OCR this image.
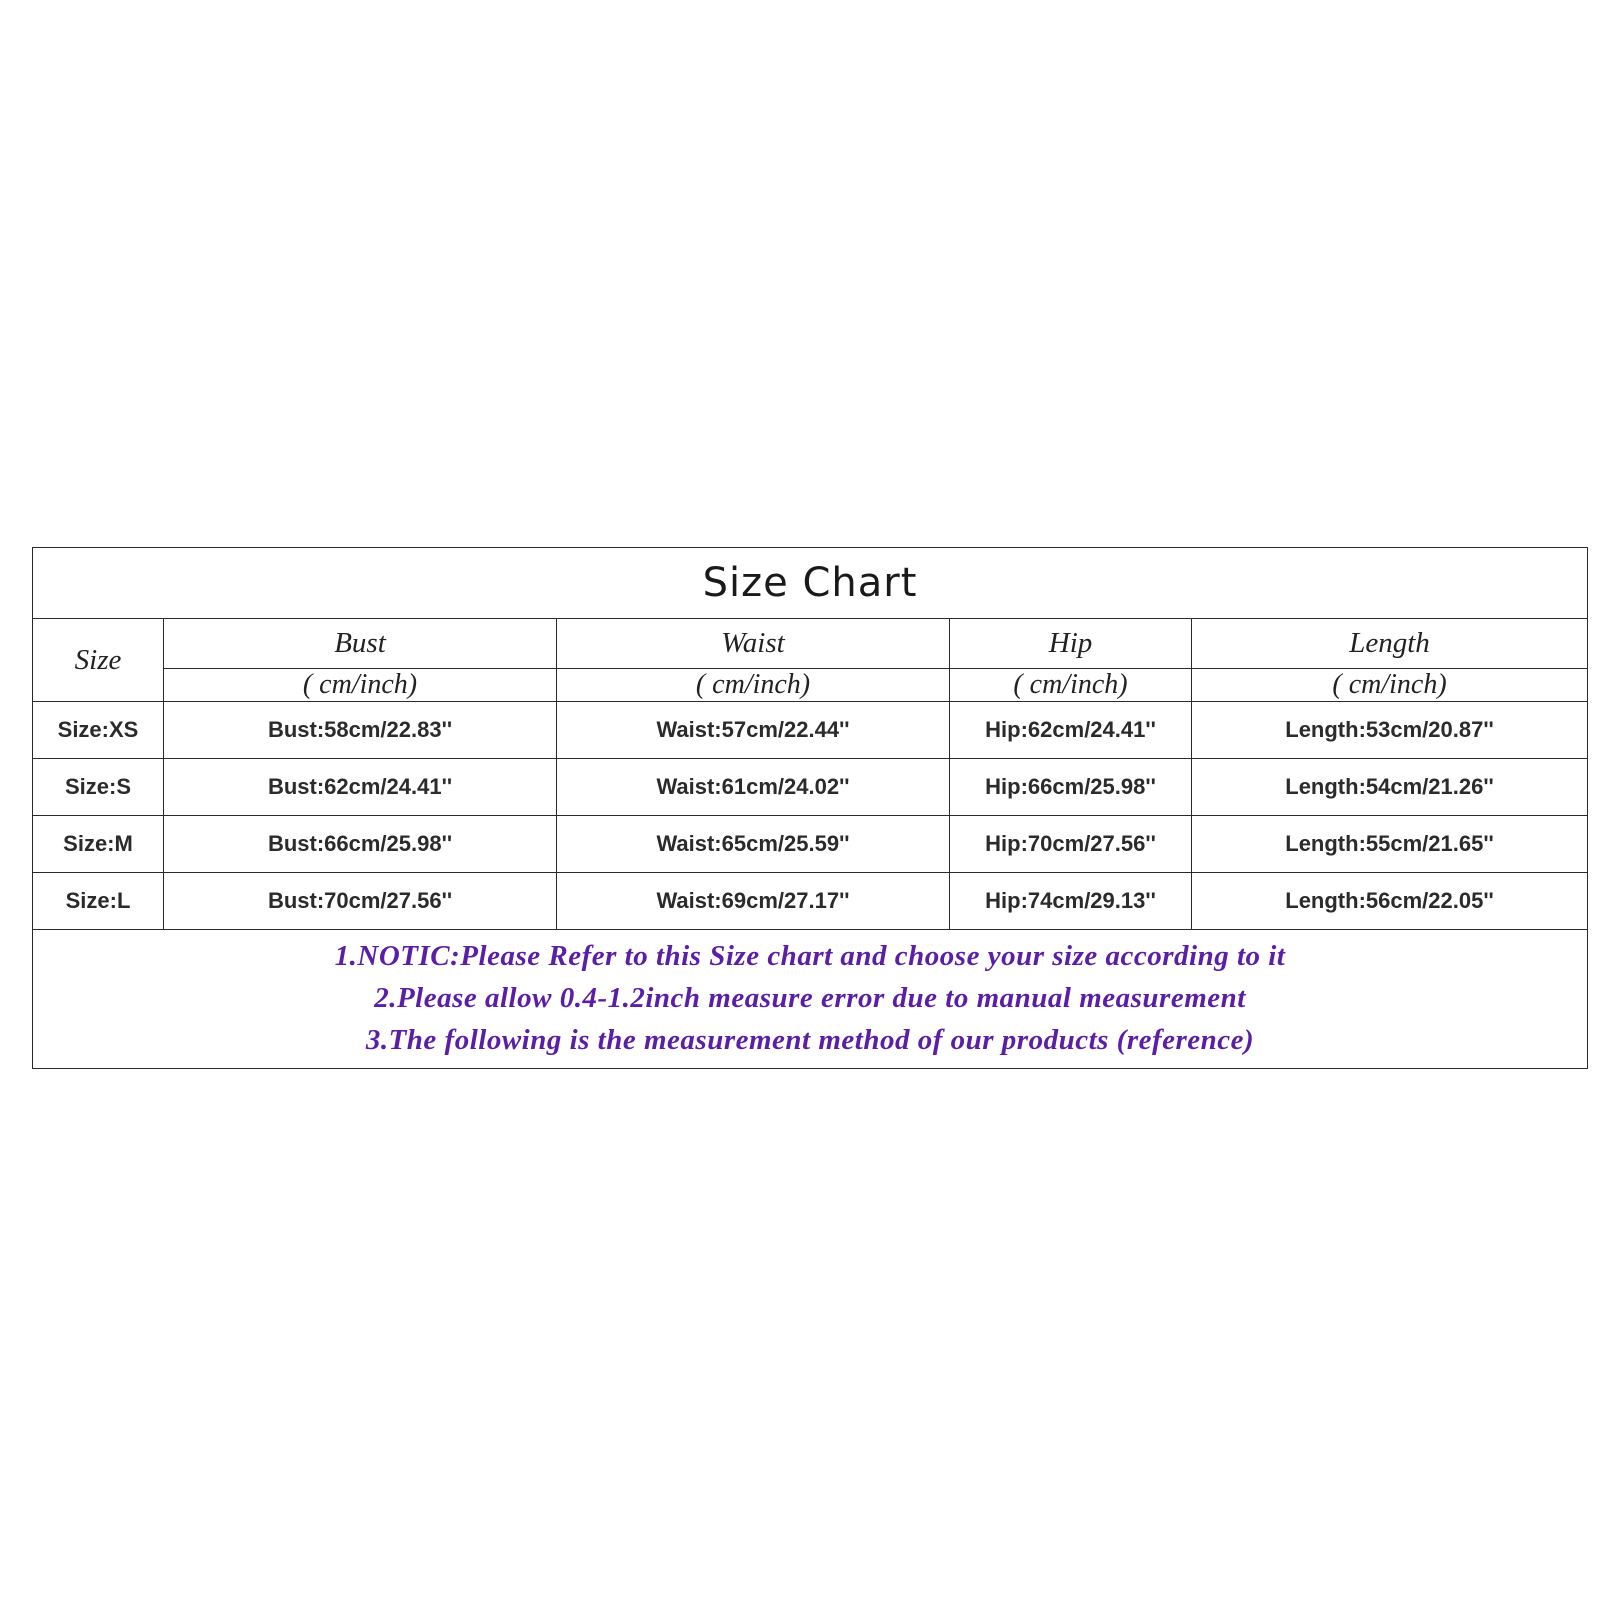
Size Chart				
Size	Bust	Waist	Hip	Length
	( cm/inch)	( cm/inch)	( cm/inch)	( cm/inch)
Size:XS	Bust:58cm/22.83''	Waist:57cm/22.44''	Hip:62cm/24.41''	Length:53cm/20.87''
Size:S	Bust:62cm/24.41''	Waist:61cm/24.02''	Hip:66cm/25.98''	Length:54cm/21.26''
Size:M	Bust:66cm/25.98''	Waist:65cm/25.59''	Hip:70cm/27.56''	Length:55cm/21.65''
Size:L	Bust:70cm/27.56''	Waist:69cm/27.17''	Hip:74cm/29.13''	Length:56cm/22.05''

1.NOTIC:Please Refer to this Size chart and choose your size according to it
2.Please allow 0.4-1.2inch measure error due to manual measurement
3.The following is the measurement method of our products (reference)				
